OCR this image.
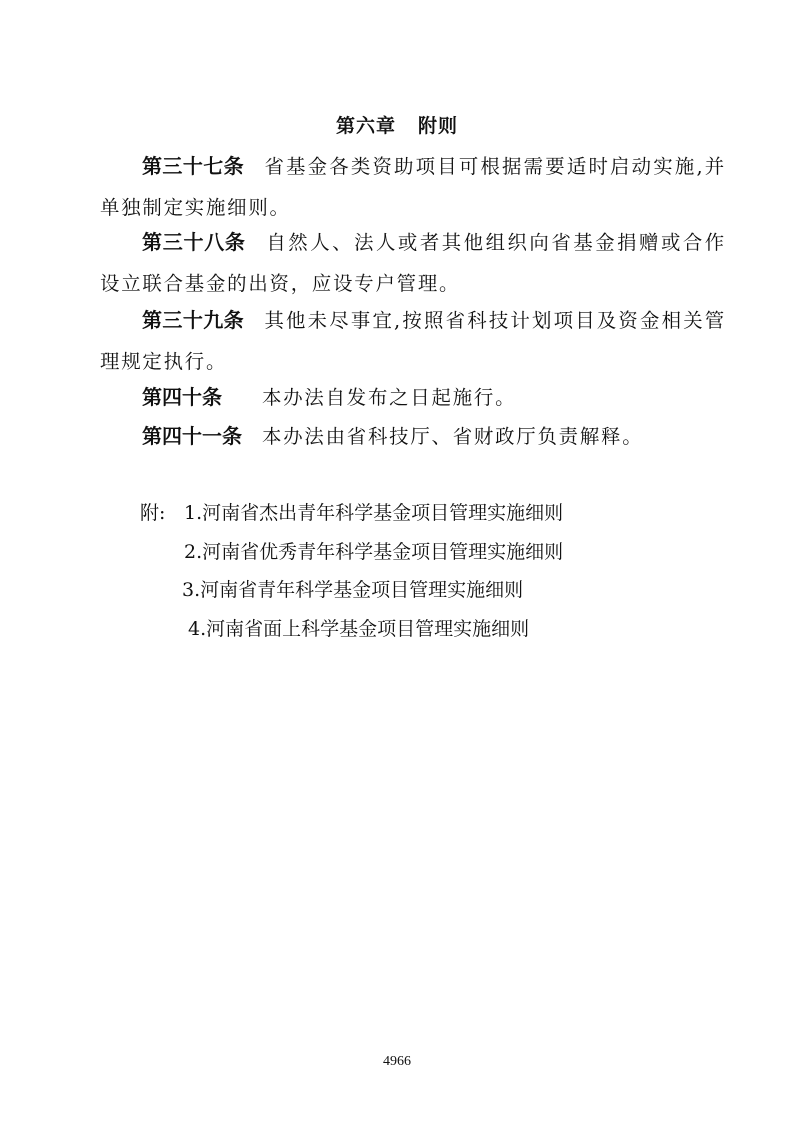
第六章 附则
第三十七条 省基金各类资助项目可根据需要适时启动实施,并单独制定实施细则。
第三十八条 自然人、法人或者其他组织向省基金捐赠或合作设立联合基金的出资，应设专户管理。
第三十九条 其他未尽事宜,按照省科技计划项目及资金相关管理规定执行。
第四十条 本办法自发布之日起施行。
第四十一条 本办法由省科技厅、省财政厅负责解释。
附: 1.河南省杰出青年科学基金项目管理实施细则
2.河南省优秀青年科学基金项目管理实施细则
3.河南省青年科学基金项目管理实施细则
4.河南省面上科学基金项目管理实施细则
4966
